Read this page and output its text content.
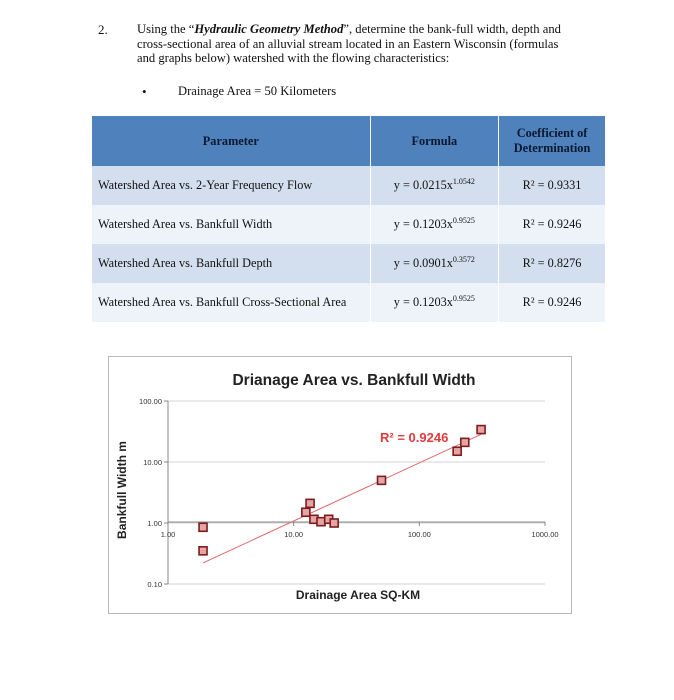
2. Using the “Hydraulic Geometry Method”, determine the bank-full width, depth and cross-sectional area of an alluvial stream located in an Eastern Wisconsin (formulas and graphs below) watershed with the flowing characteristics:
• Drainage Area = 50 Kilometers
Parameter	Formula	Coefficient of Determination
Watershed Area vs. 2-Year Frequency Flow	$y = 0.0215x^{1.0542}$	R² = 0.9331
Watershed Area vs. Bankfull Width	$y = 0.1203x^{0.9525}$	R² = 0.9246
Watershed Area vs. Bankfull Depth	$y = 0.0901x^{0.3572}$	R² = 0.8276
Watershed Area vs. Bankfull Cross-Sectional Area	$y = 0.1203x^{0.9525}$	R² = 0.9246
Drianage Area vs. Bankfull Width
Drainage Area SQ-KM
Bankfull Width m
100.00
10.00
1.00
0.10
1.00	10.00	100.00	1000.00
R² = 0.9246
